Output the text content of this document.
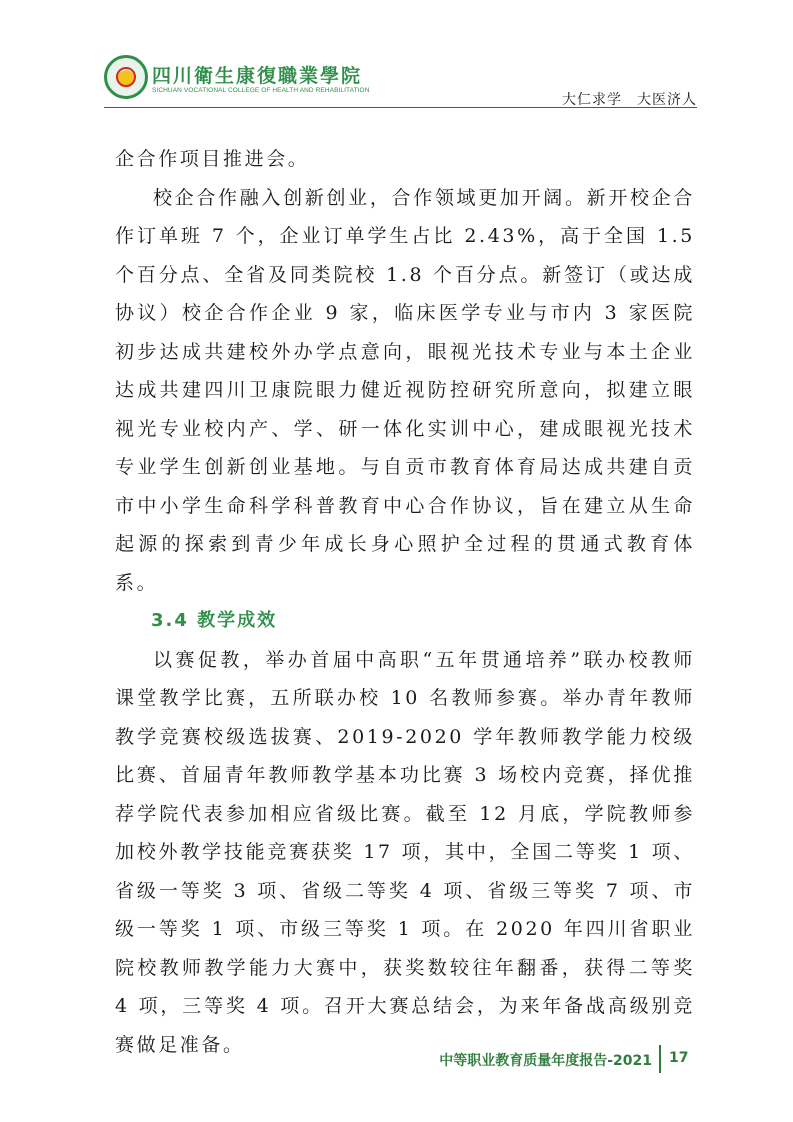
四川衛生康復職業學院
SICHUAN VOCATIONAL COLLEGE OF HEALTH AND REHABILITATION
大仁求学　大医济人

企合作项目推进会。

校企合作融入创新创业，合作领域更加开阔。新开校企合作订单班 7 个，企业订单学生占比 2.43%，高于全国 1.5 个百分点、全省及同类院校 1.8 个百分点。新签订（或达成协议）校企合作企业 9 家，临床医学专业与市内 3 家医院初步达成共建校外办学点意向，眼视光技术专业与本土企业达成共建四川卫康院眼力健近视防控研究所意向，拟建立眼视光专业校内产、学、研一体化实训中心，建成眼视光技术专业学生创新创业基地。与自贡市教育体育局达成共建自贡市中小学生命科学科普教育中心合作协议，旨在建立从生命起源的探索到青少年成长身心照护全过程的贯通式教育体系。

3.4 教学成效

以赛促教，举办首届中高职“五年贯通培养”联办校教师课堂教学比赛，五所联办校 10 名教师参赛。举办青年教师教学竞赛校级选拔赛、2019-2020 学年教师教学能力校级比赛、首届青年教师教学基本功比赛 3 场校内竞赛，择优推荐学院代表参加相应省级比赛。截至 12 月底，学院教师参加校外教学技能竞赛获奖 17 项，其中，全国二等奖 1 项、省级一等奖 3 项、省级二等奖 4 项、省级三等奖 7 项、市级一等奖 1 项、市级三等奖 1 项。在 2020 年四川省职业院校教师教学能力大赛中，获奖数较往年翻番，获得二等奖 4 项，三等奖 4 项。召开大赛总结会，为来年备战高级别竞赛做足准备。

中等职业教育质量年度报告-2021 17
